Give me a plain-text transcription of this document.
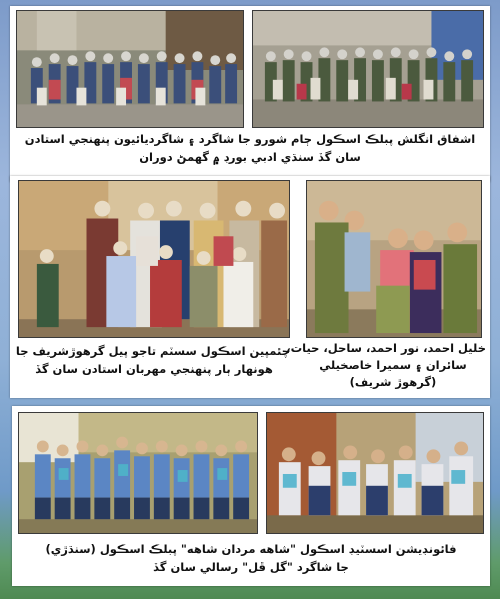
اشفاق انگلش پبلڪ اسڪول ڄام شورو جا شاگرد ۽ شاگرديائيون پنهنجي استادن
سان گڏ سنڌي ادبي بورڊ ۾ گهمڻ دوران
چئمپين اسڪول سسٽم تاجو پيل گرهوڙشريف جا
هونهار ٻار پنهنجي مهربان استادن سان گڏ
خليل احمد، نور احمد، ساحل، حيات،
سائران ۽ سميرا خاصخيلي
(گرهوڙ شريف)
فائونڊيشن اسسٽيڊ اسڪول "شاهه مردان شاهه" پبلڪ اسڪول (سنڌڙي)
جا شاگرد "گل ڦل" رسالي سان گڏ
